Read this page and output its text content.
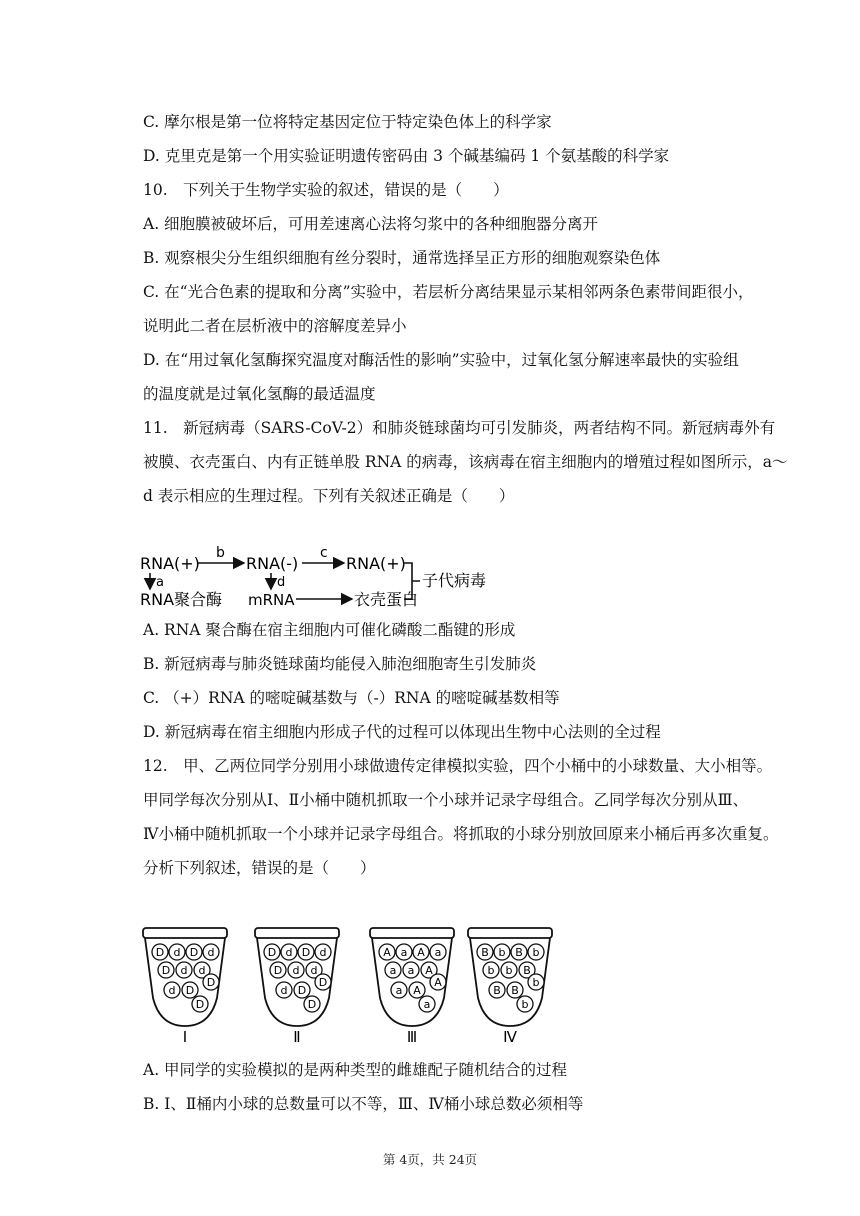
C. 摩尔根是第一位将特定基因定位于特定染色体上的科学家
D. 克里克是第一个用实验证明遗传密码由 3 个碱基编码 1 个氨基酸的科学家
10.　下列关于生物学实验的叙述，错误的是（　　）
A. 细胞膜被破坏后，可用差速离心法将匀浆中的各种细胞器分离开
B. 观察根尖分生组织细胞有丝分裂时，通常选择呈正方形的细胞观察染色体
C. 在“光合色素的提取和分离”实验中，若层析分离结果显示某相邻两条色素带间距很小，
说明此二者在层析液中的溶解度差异小
D. 在“用过氧化氢酶探究温度对酶活性的影响”实验中，过氧化氢分解速率最快的实验组
的温度就是过氧化氢酶的最适温度
11.　新冠病毒（SARS-CoV-2）和肺炎链球菌均可引发肺炎，两者结构不同。新冠病毒外有
被膜、衣壳蛋白、内有正链单股 RNA 的病毒，该病毒在宿主细胞内的增殖过程如图所示，a～
d 表示相应的生理过程。下列有关叙述正确是（　　）
RNA(+)
b
RNA(-)
c
RNA(+)
a	d
RNA聚合酶 mRNA	衣壳蛋白
子代病毒
A. RNA 聚合酶在宿主细胞内可催化磷酸二酯键的形成
B. 新冠病毒与肺炎链球菌均能侵入肺泡细胞寄生引发肺炎
C. （+）RNA 的嘧啶碱基数与（-）RNA 的嘧啶碱基数相等
D. 新冠病毒在宿主细胞内形成子代的过程可以体现出生物中心法则的全过程
12.　甲、乙两位同学分别用小球做遗传定律模拟实验，四个小桶中的小球数量、大小相等。
甲同学每次分别从Ⅰ、Ⅱ小桶中随机抓取一个小球并记录字母组合。乙同学每次分别从Ⅲ、
Ⅳ小桶中随机抓取一个小球并记录字母组合。将抓取的小球分别放回原来小桶后再多次重复。
分析下列叙述，错误的是（　　）
D d D d
D d d
D
d D
D
Ⅰ
D d D d
D d d
D
d D
D
Ⅱ
A a A a
a a A
A
a A
a
Ⅲ
B b B b
b b B
b
B B
b
Ⅳ
A. 甲同学的实验模拟的是两种类型的雌雄配子随机结合的过程
B. Ⅰ、Ⅱ桶内小球的总数量可以不等，Ⅲ、Ⅳ桶小球总数必须相等
第 4页，共 24页
